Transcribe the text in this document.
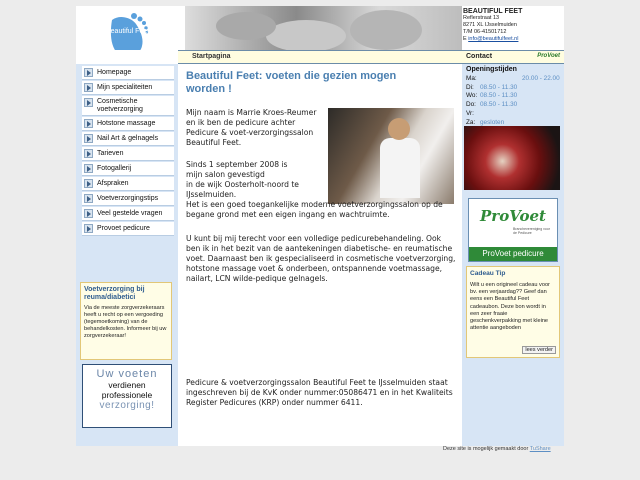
Beautiful Feet
BEAUTIFUL FEET
Reflerstraat 13
8271 XL IJsselmuiden
T/M 06-41501712
E info@beautifulfeet.nl
Startpagina	Contact	ProVoet
Homepage
Mijn specialiteiten
Cosmetische voetverzorging
Hotstone massage
Nail Art & gelnagels
Tarieven
Fotogallerij
Afspraken
Voetverzorgingstips
Veel gestelde vragen
Provoet pedicure
Voetverzorging bij reuma/diabetici
Via de meeste zorgverzekeraars heeft u recht op een vergoeding (tegemoetkoming) van de behandelkosten. Informeer bij uw zorgverzekeraar!
Uw voeten
verdienen
professionele
verzorging!
Beautiful Feet: voeten die gezien mogen worden !
Mijn naam is Marrie Kroes-Reumer en ik ben de pedicure achter Pedicure & voet-verzorgingssalon Beautiful Feet.
Sinds 1 september 2008 is
mijn salon gevestigd
in de wijk Oosterholt-noord te
IJsselmuiden.
Het is een goed toegankelijke moderne voetverzorgingssalon op de begane grond met een eigen ingang en wachtruimte.
U kunt bij mij terecht voor een volledige pedicurebehandeling. Ook ben ik in het bezit van de aantekeningen diabetische- en reumatische voet. Daarnaast ben ik gespecialiseerd in cosmetische voetverzorging, hotstone massage voet & onderbeen, ontspannende voetmassage, nailart, LCN wilde-pedique gelnagels.
Pedicure & voetverzorgingssalon Beautiful Feet te IJsselmuiden staat ingeschreven bij de KvK onder nummer:05086471 en in het Kwaliteits Register Pedicures (KRP) onder nummer 6411.
Openingstijden
Ma:	20.00 - 22.00
Di: 08.50 - 11.30
Wo: 08.50 - 11.30
Do: 08.50 - 11.30
Vr:
Za: gesloten
ProVoet
Branchevereniging voor de Pedicure
ProVoet pedicure
Cadeau Tip
Wilt u een origineel cadeau voor bv. een verjaardag?? Geef dan eens een Beautiful Feet cadeaubon. Deze bon wordt in een zeer fraaie geschenkverpakking met kleine attentie aangeboden
lees verder
Deze site is mogelijk gemaakt door TuShare
